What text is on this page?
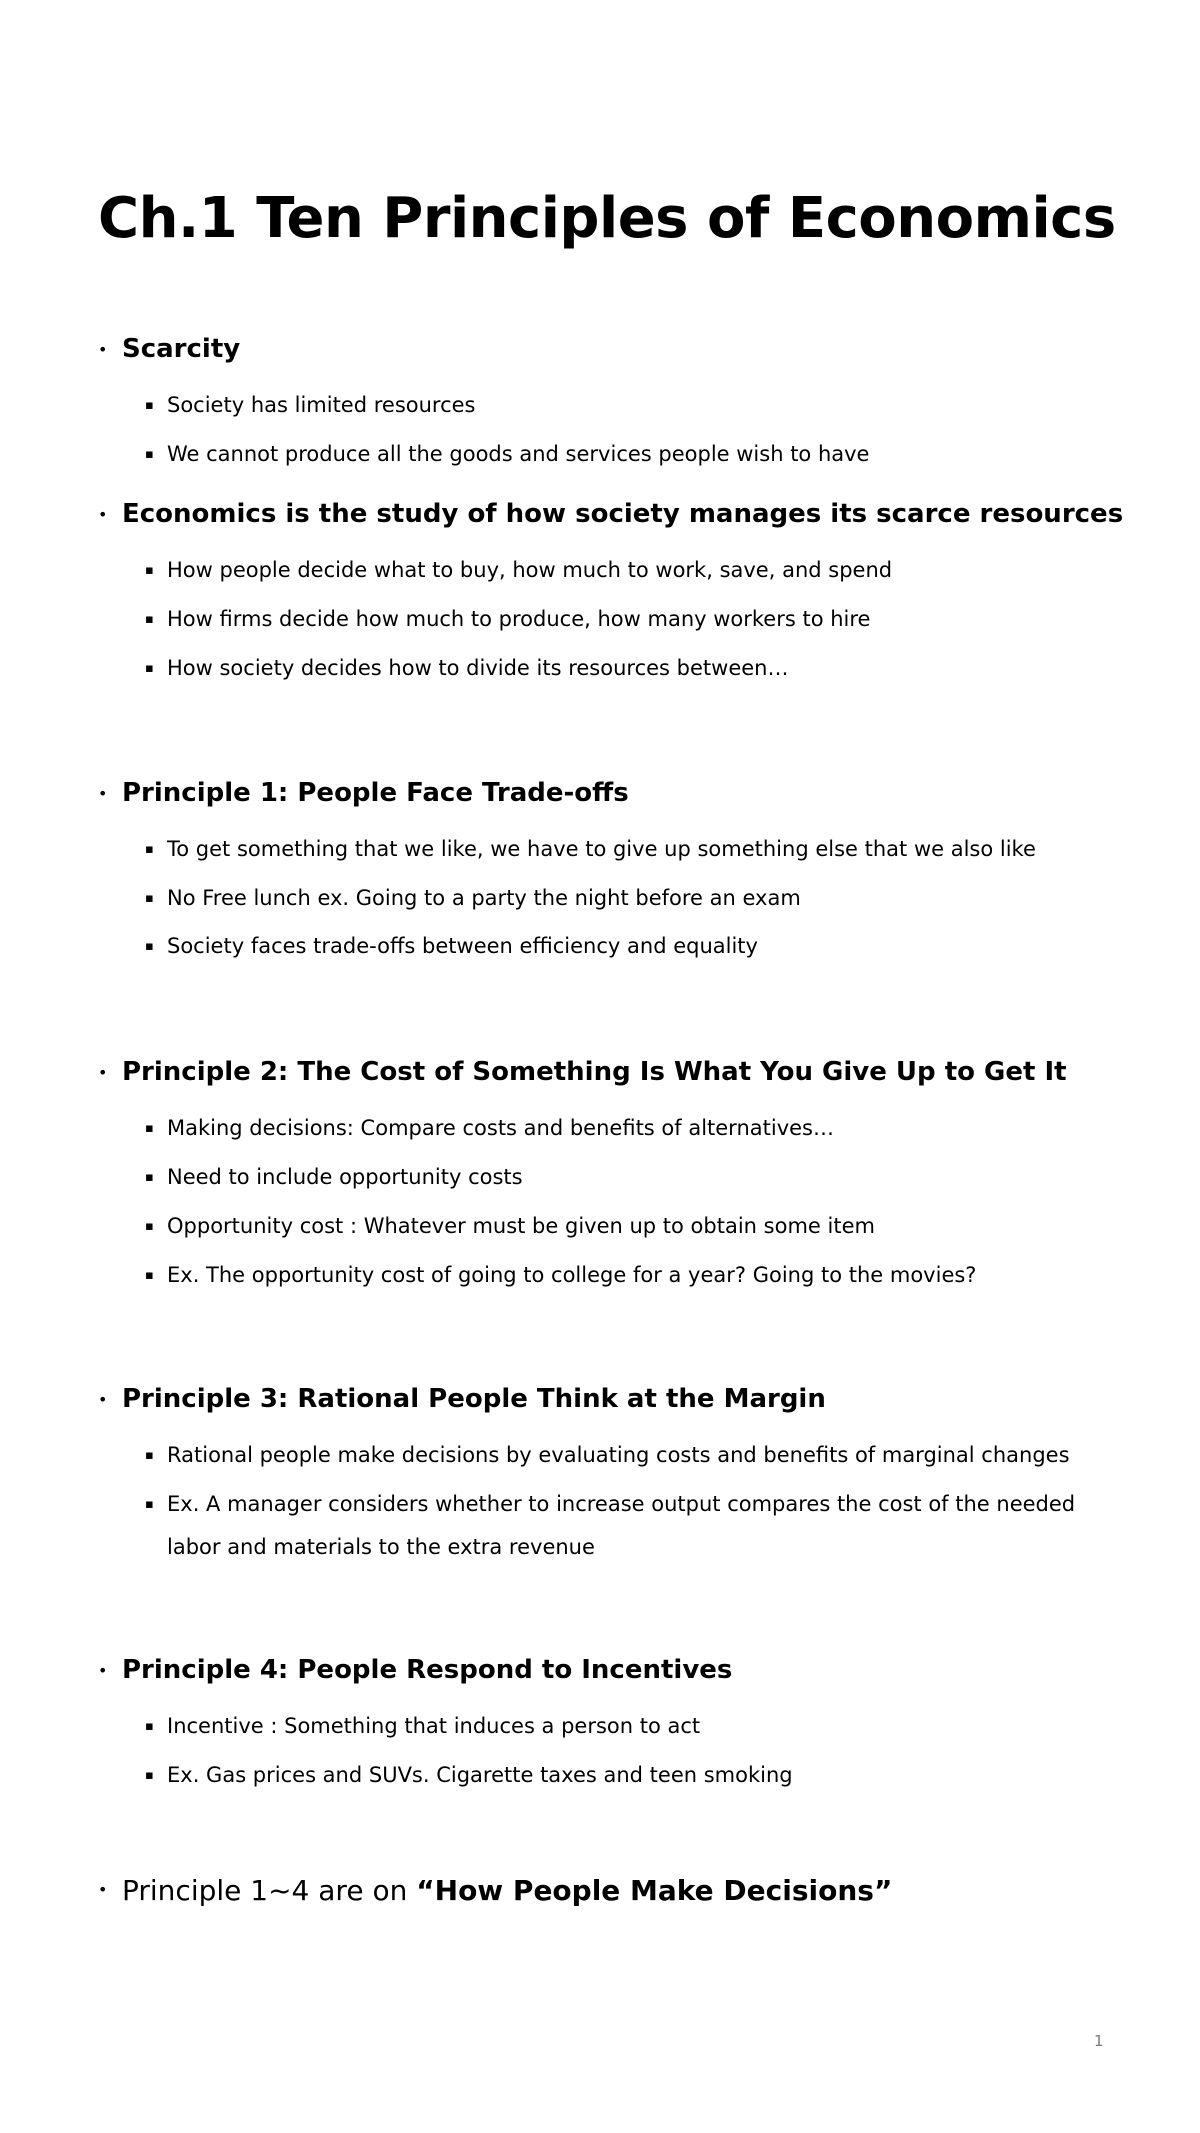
Ch.1 Ten Principles of Economics
• Scarcity
▪ Society has limited resources
▪ We cannot produce all the goods and services people wish to have
• Economics is the study of how society manages its scarce resources
▪ How people decide what to buy, how much to work, save, and spend
▪ How firms decide how much to produce, how many workers to hire
▪ How society decides how to divide its resources between…
• Principle 1: People Face Trade-offs
▪ To get something that we like, we have to give up something else that we also like
▪ No Free lunch ex. Going to a party the night before an exam
▪ Society faces trade-offs between efficiency and equality
• Principle 2: The Cost of Something Is What You Give Up to Get It
▪ Making decisions: Compare costs and benefits of alternatives…
▪ Need to include opportunity costs
▪ Opportunity cost : Whatever must be given up to obtain some item
▪ Ex. The opportunity cost of going to college for a year? Going to the movies?
• Principle 3: Rational People Think at the Margin
▪ Rational people make decisions by evaluating costs and benefits of marginal changes
▪ Ex. A manager considers whether to increase output compares the cost of the needed
labor and materials to the extra revenue
• Principle 4: People Respond to Incentives
▪ Incentive : Something that induces a person to act
▪ Ex. Gas prices and SUVs. Cigarette taxes and teen smoking
• Principle 1~4 are on “How People Make Decisions”
1
